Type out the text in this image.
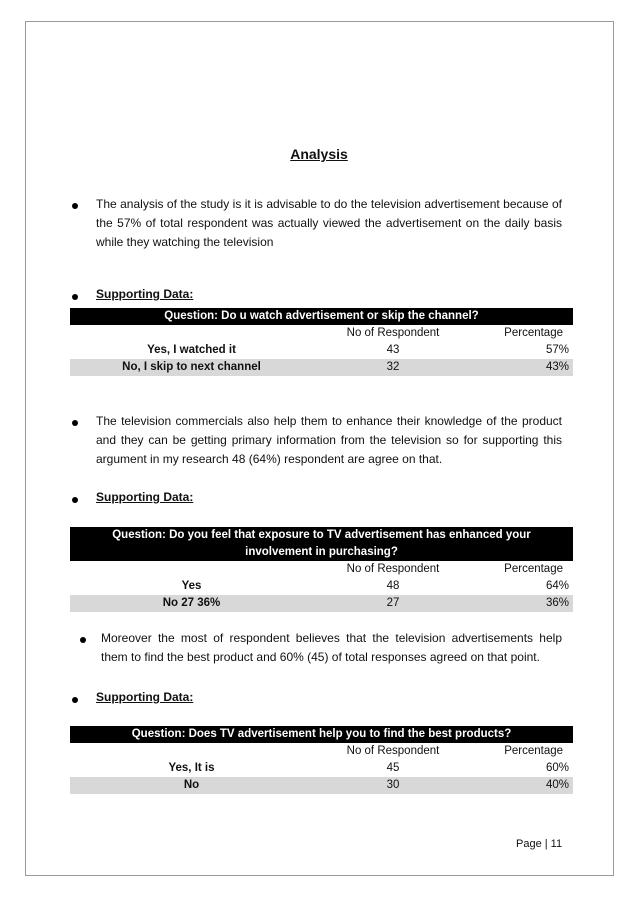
Analysis
The analysis of the study is it is advisable to do the television advertisement because of the 57% of total respondent was actually viewed the advertisement on the daily basis while they watching the television
Supporting Data:
Question: Do u watch advertisement or skip the channel?		
	No of Respondent	Percentage
Yes, I watched it	43	57%
No, I skip to next channel	32	43%
The television commercials also help them to enhance their knowledge of the product and they can be getting primary information from the television so for supporting this argument in my research 48 (64%) respondent are agree on that.
Supporting Data:
Question: Do you feel that exposure to TV advertisement has enhanced your		
involvement in purchasing?		
	No of Respondent	Percentage
Yes	48	64%
No 27 36%	27	36%
Moreover the most of respondent believes that the television advertisements help them to find the best product and 60% (45) of total responses agreed on that point.
Supporting Data:
Question: Does TV advertisement help you to find the best products?		
	No of Respondent	Percentage
Yes, It is	45	60%
No	30	40%
Page | 11
